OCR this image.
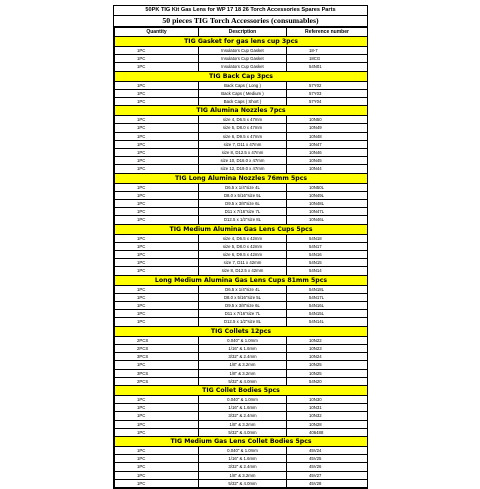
50PK TIG Kit Gas Lens for WP 17 18 26 Torch Accessories Spares Parts
50 pieces TIG Torch Accessories (consumables)
Quantity	Description	Reference number
TIG Gasket for gas lens cup 3pcs		
1PC	Insulators Cup Gasket	18-7
1PC	Insulators Cup Gasket	18CG
1PC	Insulators Cup Gasket	54N01
TIG Back Cap 3pcs		
1PC	Back Caps ( Long )	57Y02
1PC	Back Caps ( Medium )	57Y03
1PC	Back Caps ( Short )	57Y04
TIG Alumina Nozzles 7pcs		
1PC	size 4, D6.5 x 47mm	10N50
1PC	size 5, D8.0 x 47mm	10N49
1PC	size 6, D9.5 x 47mm	10N48
1PC	size 7, D11 x 47mm	10N47
1PC	size 8, D12.5 x 47mm	10N46
1PC	size 10, D16.0 x 47mm	10N45
1PC	size 12, D19.0 x 47mm	10N44
TIG Long Alumina Nozzles 76mm 5pcs		
1PC	D6.5 x 1/4"size 4L	10N50L
1PC	D8.0 x 5/16"size 5L	10N49L
1PC	D9.5 x 3/8"size 6L	10N48L
1PC	D11 x 7/16"size 7L	10N47L
1PC	D12.5 x 1/2"size 8L	10N46L
TIG Medium Alumina Gas Lens Cups 5pcs		
1PC	size 4, D6.5 x 42mm	54N18
1PC	size 5, D8.0 x 42mm	54N17
1PC	size 6, D9.5 x 42mm	54N16
1PC	size 7, D11 x 42mm	54N15
1PC	size 8, D12.5 x 42mm	54N14
Long Medium Alumina Gas Lens Cups 81mm 5pcs		
1PC	D6.5 x 1/4"size 4L	54N18L
1PC	D8.0 x 5/16"size 5L	54N17L
1PC	D9.5 x 3/8"size 6L	54N16L
1PC	D11 x 7/16"size 7L	54N15L
1PC	D12.5 x 1/2"size 8L	54N14L
TIG Collets 12pcs		
2PCS	0.040" & 1.0mm	10N22
2PCS	1/16" & 1.6mm	10N23
3PCS	3/32" & 2.4mm	10N24
1PC	1/8" & 3.2mm	10N25
3PCS	1/8" & 3.2mm	10N25
2PCS	5/32" & 4.0mm	54N20
TIG Collet Bodies 5pcs		
1PC	0.040" & 1.0mm	10N30
1PC	1/16" & 1.6mm	10N31
1PC	3/32" & 2.4mm	10N32
1PC	1/8" & 3.2mm	10N28
1PC	5/32" & 4.0mm	406488
TIG Medium Gas Lens Collet Bodies 5pcs		
1PC	0.040" & 1.0mm	45V24
1PC	1/16" & 1.6mm	45V25
1PC	3/32" & 2.4mm	45V26
1PC	1/8" & 3.2mm	45V27
1PC	5/32" & 4.0mm	45V28
